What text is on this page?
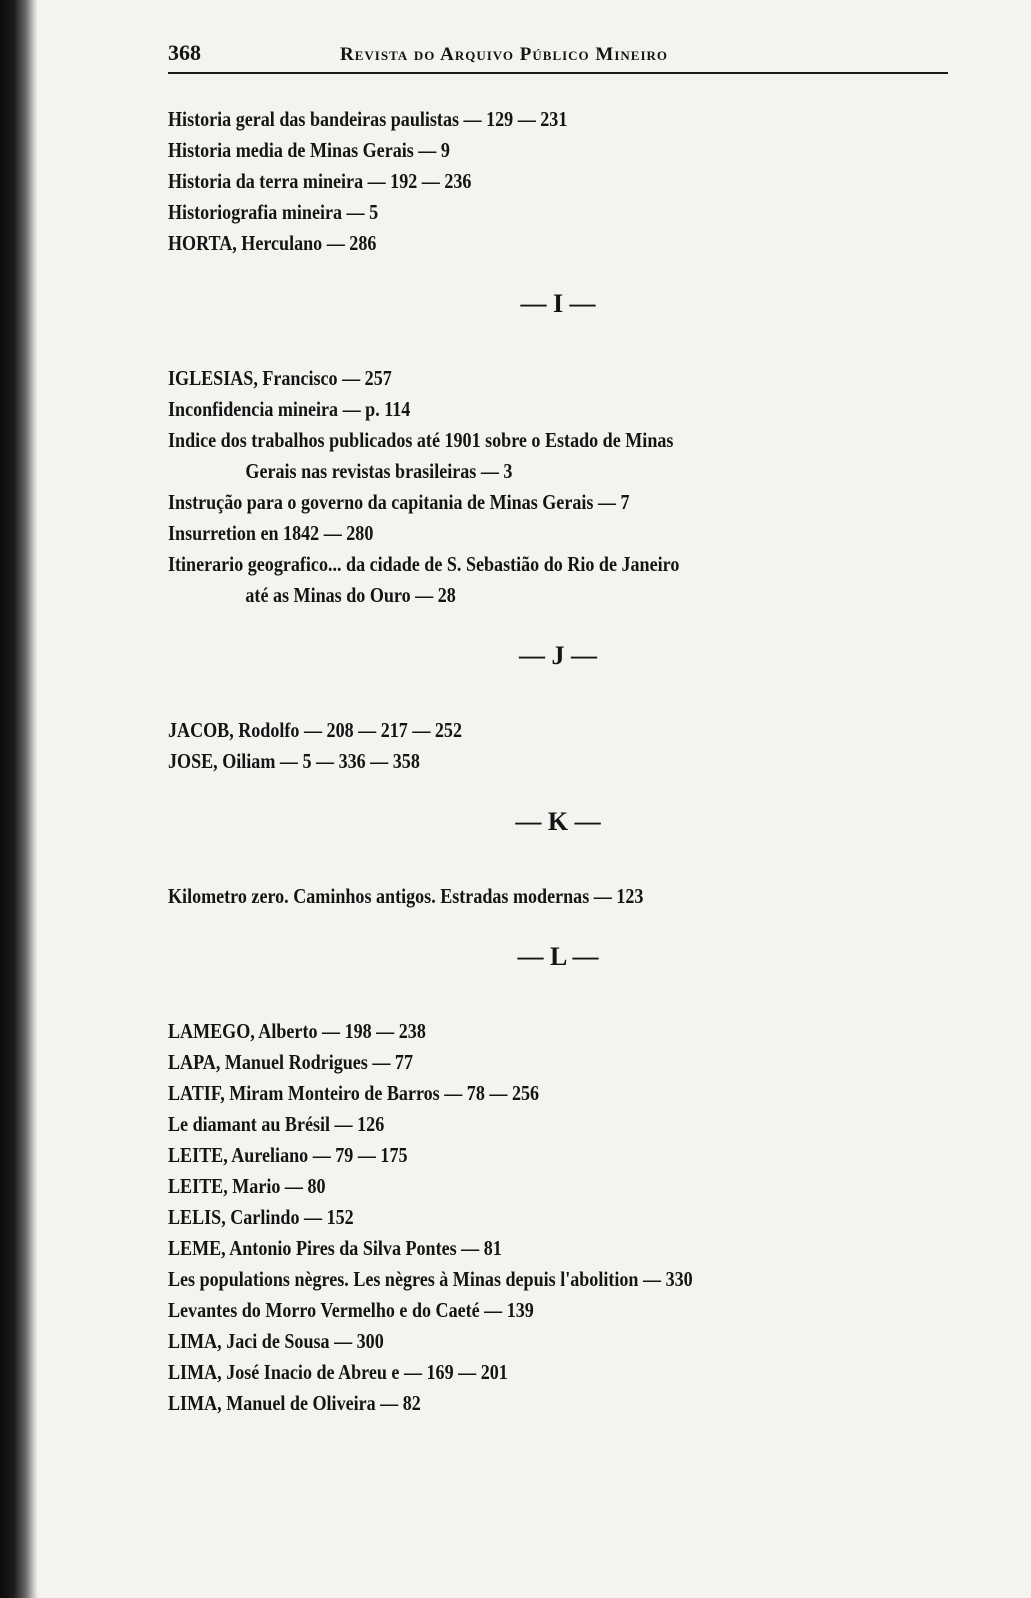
368	Revista do Arquivo Público Mineiro
Historia geral das bandeiras paulistas — 129 — 231
Historia media de Minas Gerais — 9
Historia da terra mineira — 192 — 236
Historiografia mineira — 5
HORTA, Herculano — 286
— I —
IGLESIAS, Francisco — 257
Inconfidencia mineira — p. 114
Indice dos trabalhos publicados até 1901 sobre o Estado de Minas
Gerais nas revistas brasileiras — 3
Instrução para o governo da capitania de Minas Gerais — 7
Insurretion en 1842 — 280
Itinerario geografico... da cidade de S. Sebastião do Rio de Janeiro
até as Minas do Ouro — 28
— J —
JACOB, Rodolfo — 208 — 217 — 252
JOSE, Oiliam — 5 — 336 — 358
— K —
Kilometro zero. Caminhos antigos. Estradas modernas — 123
— L —
LAMEGO, Alberto — 198 — 238
LAPA, Manuel Rodrigues — 77
LATIF, Miram Monteiro de Barros — 78 — 256
Le diamant au Brésil — 126
LEITE, Aureliano — 79 — 175
LEITE, Mario — 80
LELIS, Carlindo — 152
LEME, Antonio Pires da Silva Pontes — 81
Les populations nègres. Les nègres à Minas depuis l'abolition — 330
Levantes do Morro Vermelho e do Caeté — 139
LIMA, Jaci de Sousa — 300
LIMA, José Inacio de Abreu e — 169 — 201
LIMA, Manuel de Oliveira — 82
